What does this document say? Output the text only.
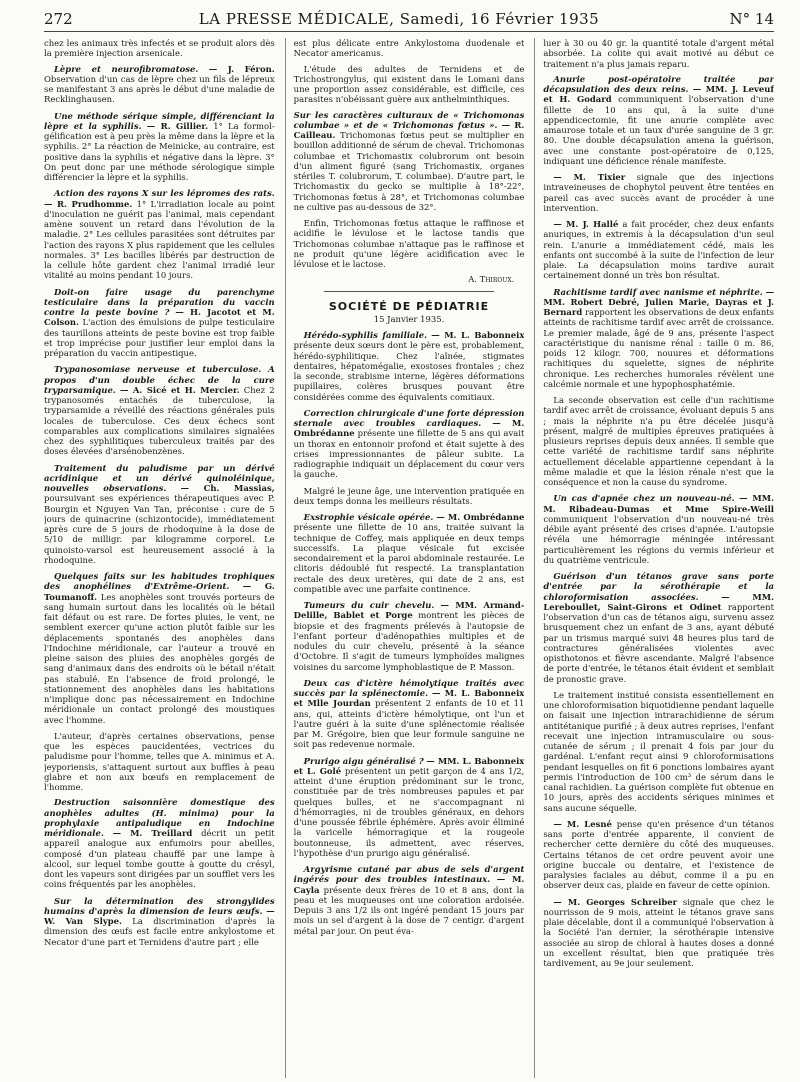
272	LA PRESSE MÉDICALE, Samedi, 16 Février 1935	N° 14

chez les animaux très infectés et se produit alors dès la première injection arsenicale.

Lèpre et neurofibromatose. — J. Féron. Observation d'un cas de lèpre chez un fils de lépreux se manifestant 3 ans après le début d'une maladie de Recklinghausen.
Une méthode sérique simple, différenciant la lèpre et la syphilis. — R. Gillier. 1° La formol-gélification est à peu près la même dans la lèpre et la syphilis. 2° La réaction de Meinicke, au contraire, est positive dans la syphilis et négative dans la lèpre. 3° On peut donc par une méthode sérologique simple différencier la lèpre et la syphilis.
Action des rayons X sur les lépromes des rats. — R. Prudhomme. 1° L'irradiation locale au point d'inoculation ne guérit pas l'animal, mais cependant amène souvent un retard dans l'évolution de la maladie. 2° Les cellules parasitées sont détruites par l'action des rayons X plus rapidement que les cellules normales. 3° Les bacilles libérés par destruction de la cellule hôte gardent chez l'animal irradié leur vitalité au moins pendant 10 jours.
Doit-on faire usage du parenchyme testiculaire dans la préparation du vaccin contre la peste bovine ? — H. Jacotot et M. Colson. L'action des émulsions de pulpe testiculaire des taurillons atteints de peste bovine est trop faible et trop imprécise pour justifier leur emploi dans la préparation du vaccin antipestique.
Trypanosomiase nerveuse et tuberculose. A propos d'un double échec de la cure tryparsamique. — A. Sicé et H. Mercier. Chez 2 trypanosomés entachés de tuberculose, la tryparsamide a réveillé des réactions générales puis locales de tuberculose. Ces deux échecs sont comparables aux complications similaires signalées chez des syphilitiques tuberculeux traités par des doses élevées d'arsénobenzènes.
Traitement du paludisme par un dérivé acridinique et un dérivé quinoléinique, nouvelles observations. — Ch. Massias, poursuivant ses expériences thérapeutiques avec P. Bourgin et Nguyen Van Tan, préconise : cure de 5 jours de quinacrine (schizontocide), immédiatement après cure de 5 jours de rhodoquine à la dose de 5/10 de milligr. par kilogramme corporel. Le quinoisto-varsol est heureusement associé à la rhodoquine.
Quelques faits sur les habitudes trophiques des anophélines d'Extrême-Orient. — G. Toumanoff. Les anophèles sont trouvés porteurs de sang humain surtout dans les localités où le bétail fait défaut ou est rare. De fortes pluies, le vent, ne semblent exercer qu'une action plutôt faible sur les déplacements spontanés des anophèles dans l'Indochine méridionale, car l'auteur a trouvé en pleine saison des pluies des anophèles gorgés de sang d'animaux dans des endroits où le bétail n'était pas stabulé. En l'absence de froid prolongé, le stationnement des anophèles dans les habitations n'implique donc pas nécessairement en Indochine méridionale un contact prolongé des moustiques avec l'homme.

L'auteur, d'après certaines observations, pense que les espèces paucidentées, vectrices du paludisme pour l'homme, telles que A. minimus et A. jeyporiensis, s'attaquent surtout aux buffles à peau glabre et non aux bœufs en remplacement de l'homme.

Destruction saisonnière domestique des anophèles adultes (H. minima) pour la prophylaxie antipaludique en Indochine méridionale. — M. Treillard décrit un petit appareil analogue aux enfumoirs pour abeilles, composé d'un plateau chauffé par une lampe à alcool, sur lequel tombe goutte à goutte du crésyl, dont les vapeurs sont dirigées par un soufflet vers les coins fréquentés par les anophèles.
Sur la détermination des strongylides humains d'après la dimension de leurs œufs. — W. Van Slype. La discrimination d'après la dimension des œufs est facile entre ankylostome et Necator d'une part et Ternidens d'autre part ; elle

est plus délicate entre Ankylostoma duodenale et Necator americanus.

L'étude des adultes de Ternidens et de Trichostrongylus, qui existent dans le Lomani dans une proportion assez considérable, est difficile, ces parasites n'obéissant guère aux anthelminthiques.

Sur les caractères culturaux de « Trichomonas columbae » et de « Trichomonas fœtus ». — R. Cailleau. Trichomonas fœtus peut se multiplier en bouillon additionné de sérum de cheval. Trichomonas columbae et Trichomastix colubrorum ont besoin d'un aliment figuré (sang Trichomastix, organes stériles T. colubrorum, T. columbae). D'autre part, le Trichomastix du gecko se multiplie à 18°-22°, Trichomonas fœtus à 28°, et Trichomonas columbae ne cultive pas au-dessous de 32°.

Enfin, Trichomonas fœtus attaque le raffinose et acidifie le lévulose et le lactose tandis que Trichomonas columbae n'attaque pas le raffinose et ne produit qu'une légère acidification avec le lévulose et le lactose.

A. Thiroux.
SOCIÉTÉ DE PÉDIATRIE
15 Janvier 1935.
Hérédo-syphilis familiale. — M. L. Babonneix présente deux sœurs dont le père est, probablement, hérédo-syphilitique. Chez l'aînée, stigmates dentaires, hépatomégalie, exostoses frontales ; chez la seconde, strabisme interne, légères déformations pupillaires, colères brusques pouvant être considérées comme des équivalents comitiaux.
Correction chirurgicale d'une forte dépression sternale avec troubles cardiaques. — M. Ombrédanne présente une fillette de 5 ans qui avait un thorax en entonnoir profond et était sujette à des crises impressionnantes de pâleur subite. La radiographie indiquait un déplacement du cœur vers la gauche.
Malgré le jeune âge, une intervention pratiquée en deux temps donna les meilleurs résultats.
Exstrophie vésicale opérée. — M. Ombrédanne présente une fillette de 10 ans, traitée suivant la technique de Coffey, mais appliquée en deux temps successifs. La plaque vésicale fut excisée secondairement et la paroi abdominale restaurée. Le clitoris dédoublé fut respecté. La transplantation rectale des deux uretères, qui date de 2 ans, est compatible avec une parfaite continence.
Tumeurs du cuir chevelu. — MM. Armand-Delille, Bablet et Porge montrent les pièces de biopsie et des fragments prélevés à l'autopsie de l'enfant porteur d'adénopathies multiples et de nodules du cuir chevelu, présenté à la séance d'Octobre. Il s'agit de tumeurs lymphoïdes malignes voisines du sarcome lymphoblastique de P. Masson.
Deux cas d'ictère hémolytique traités avec succès par la splénectomie. — M. L. Babonneix et Mlle Jourdan présentent 2 enfants de 10 et 11 ans, qui, atteints d'ictère hémolytique, ont l'un et l'autre guéri à la suite d'une splénectomie réalisée par M. Grégoire, bien que leur formule sanguine ne soit pas redevenue normale.
Prurigo aigu généralisé ? — MM. L. Babonneix et L. Golé présentent un petit garçon de 4 ans 1/2, atteint d'une éruption prédominant sur le tronc, constituée par de très nombreuses papules et par quelques bulles, et ne s'accompagnant ni d'hémorragies, ni de troubles généraux, en dehors d'une poussée fébrile éphémère. Après avoir éliminé la varicelle hémorragique et la rougeole boutonneuse, ils admettent, avec réserves, l'hypothèse d'un prurigo aigu généralisé.
Argyrisme cutané par abus de sels d'argent ingérés pour des troubles intestinaux. — M. Cayla présente deux frères de 10 et 8 ans, dont la peau et les muqueuses ont une coloration ardoisée. Depuis 3 ans 1/2 ils ont ingéré pendant 15 jours par mois un sel d'argent à la dose de 7 centigr. d'argent métal par jour. On peut éva-

luer à 30 ou 40 gr. la quantité totale d'argent métal absorbée. La colite qui avait motivé au début ce traitement n'a plus jamais reparu.

Anurie post-opératoire traitée par décapsulation des deux reins. — MM. J. Leveuf et H. Godard communiquent l'observation d'une fillette de 10 ans qui, à la suite d'une appendicectomie, fit une anurie complète avec amaurose totale et un taux d'urée sanguine de 3 gr. 80. Une double décapsulation amena la guérison, avec une constante post-opératoire de 0,125, indiquant une déficience rénale manifeste.
— M. Tixier signale que des injections intraveineuses de chophytol peuvent être tentées en pareil cas avec succès avant de procéder à une intervention.
— M. J. Hallé a fait procéder, chez deux enfants anuriques, in extremis à la décapsulation d'un seul rein. L'anurie a immédiatement cédé, mais les enfants ont succombé à la suite de l'infection de leur plaie. La décapsulation moins tardive aurait certainement donné un très bon résultat.
Rachitisme tardif avec nanisme et néphrite. — MM. Robert Debré, Julien Marie, Dayras et J. Bernard rapportent les observations de deux enfants atteints de rachitisme tardif avec arrêt de croissance. Le premier malade, âgé de 9 ans, présente l'aspect caractéristique du nanisme rénal : taille 0 m. 86, poids 12 kilogr. 700, nouures et déformations rachitiques du squelette, signes de néphrite chronique. Les recherches humorales révèlent une calcémie normale et une hypophosphatémie.
La seconde observation est celle d'un rachitisme tardif avec arrêt de croissance, évoluant depuis 5 ans ; mais la néphrite n'a pu être décelée jusqu'à présent, malgré de multiples épreuves pratiquées à plusieurs reprises depuis deux années. Il semble que cette variété de rachitisme tardif sans néphrite actuellement décelable appartienne cependant à la même maladie et que la lésion rénale n'est que la conséquence et non la cause du syndrome.
Un cas d'apnée chez un nouveau-né. — MM. M. Ribadeau-Dumas et Mme Spire-Weill communiquent l'observation d'un nouveau-né très débile ayant présenté des crises d'apnée. L'autopsie révéla une hémorragie méningée intéressant particulièrement les régions du vermis inférieur et du quatrième ventricule.
Guérison d'un tétanos grave sans porte d'entrée par la sérothérapie et la chloroformisation associées.	— MM. Lereboullet, Saint-Girons et Odinet rapportent l'observation d'un cas de tétanos aigu, survenu assez brusquement chez un enfant de 3 ans, ayant débuté par un trismus marqué suivi 48 heures plus tard de contractures généralisées violentes avec opisthotonos et fièvre ascendante. Malgré l'absence de porte d'entrée, le tétanos était évident et semblait de pronostic grave.
Le traitement institué consista essentiellement en une chloroformisation biquotidienne pendant laquelle on faisait une injection intrarachidienne de sérum antitétanique purifié ; à deux autres reprises, l'enfant recevait une injection intramusculaire ou sous-cutanée de sérum ; il prenait 4 fois par jour du gardénal. L'enfant reçut ainsi 9 chloroformisations pendant lesquelles on fit 6 ponctions lombaires ayant permis l'introduction de 100 cm³ de sérum dans le canal rachidien. La guérison complète fut obtenue en 10 jours, après des accidents sériques minimes et sans aucune séquelle.
— M. Lesné pense qu'en présence d'un tétanos sans porte d'entrée apparente, il convient de rechercher cette dernière du côté des muqueuses. Certains tétanos de cet ordre peuvent avoir une origine buccale ou dentaire, et l'existence de paralysies faciales au début, comme il a pu en observer deux cas, plaide en faveur de cette opinion.
— M. Georges Schreiber signale que chez le nourrisson de 9 mois, atteint le tétanos grave sans plaie décelable, dont il a communiqué l'observation à la Société l'an dernier, la sérothérapie intensive associée au sirop de chloral à hautes doses a donné un excellent résultat, bien que pratiquée très tardivement, au 9e jour seulement.
